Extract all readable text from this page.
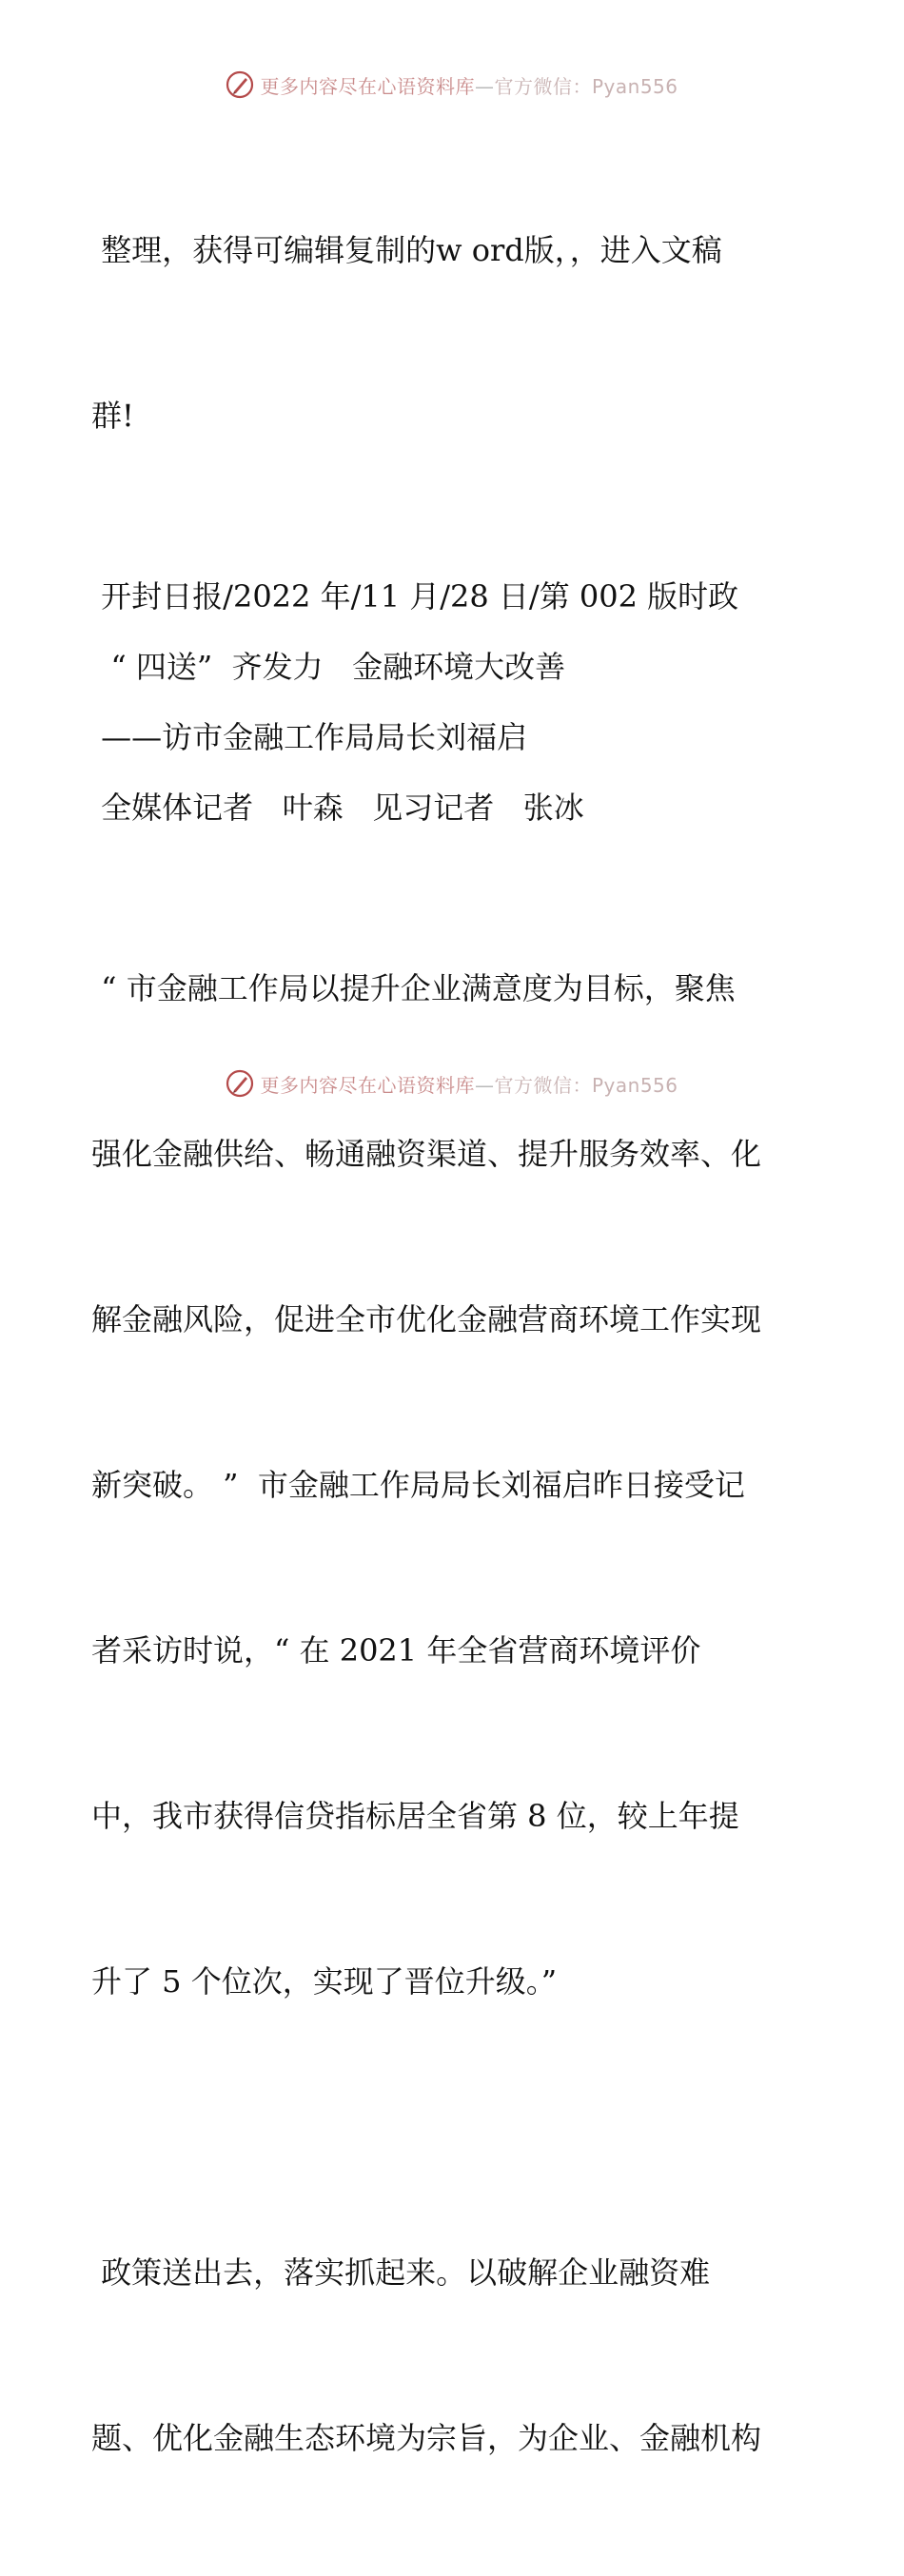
更多内容尽在心语资料库—官方微信：Pyan556

整理，获得可编辑复制的w ord版，，进入文稿

群!

开封日报/2022 年/11 月/28 日/第 002 版时政

“ 四送”  齐发力   金融环境大改善

——访市金融工作局局长刘福启

全媒体记者   叶森   见习记者   张冰

“ 市金融工作局以提升企业满意度为目标，聚焦

强化金融供给、畅通融资渠道、提升服务效率、化

解金融风险，促进全市优化金融营商环境工作实现

新突破。 ”  市金融工作局局长刘福启昨日接受记

者采访时说，“ 在 2021 年全省营商环境评价

中，我市获得信贷指标居全省第 8 位，较上年提

升了 5 个位次，实现了晋位升级。”

政策送出去，落实抓起来。以破解企业融资难

题、优化金融生态环境为宗旨，为企业、金融机构

更多内容尽在心语资料库—官方微信：Pyan556
